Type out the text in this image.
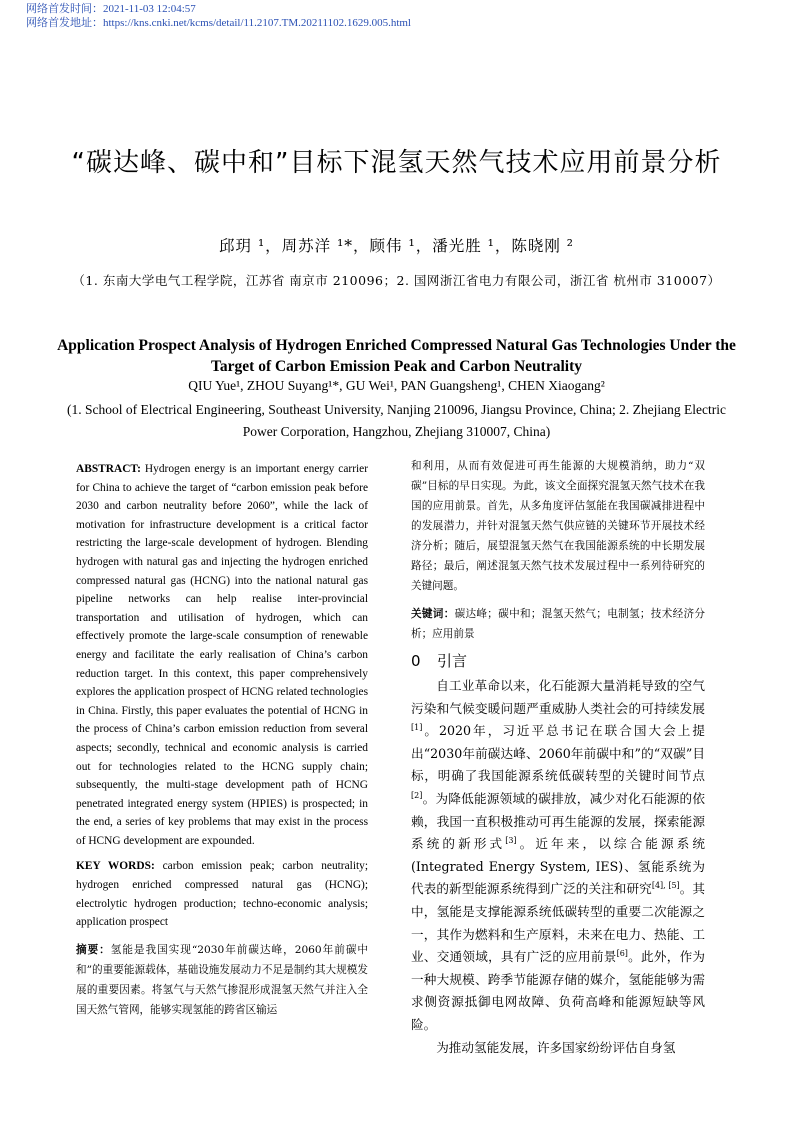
网络首发时间：2021-11-03 12:04:57
网络首发地址：https://kns.cnki.net/kcms/detail/11.2107.TM.20211102.1629.005.html
“碳达峰、碳中和”目标下混氢天然气技术应用前景分析
邱玥 ¹，周苏洋 ¹*，顾伟 ¹，潘光胜 ¹，陈晓刚 ²
（1. 东南大学电气工程学院，江苏省 南京市 210096；2. 国网浙江省电力有限公司，浙江省 杭州市 310007）
Application Prospect Analysis of Hydrogen Enriched Compressed Natural Gas Technologies Under the Target of Carbon Emission Peak and Carbon Neutrality
QIU Yue¹, ZHOU Suyang¹*, GU Wei¹, PAN Guangsheng¹, CHEN Xiaogang²
(1. School of Electrical Engineering, Southeast University, Nanjing 210096, Jiangsu Province, China; 2. Zhejiang Electric Power Corporation, Hangzhou, Zhejiang 310007, China)

ABSTRACT: Hydrogen energy is an important energy carrier for China to achieve the target of “carbon emission peak before 2030 and carbon neutrality before 2060”, while the lack of motivation for infrastructure development is a critical factor restricting the large-scale development of hydrogen. Blending hydrogen with natural gas and injecting the hydrogen enriched compressed natural gas (HCNG) into the national natural gas pipeline networks can help realise inter-provincial transportation and utilisation of hydrogen, which can effectively promote the large-scale consumption of renewable energy and facilitate the early realisation of China’s carbon reduction target. In this context, this paper comprehensively explores the application prospect of HCNG related technologies in China. Firstly, this paper evaluates the potential of HCNG in the process of China’s carbon emission reduction from several aspects; secondly, technical and economic analysis is carried out for technologies related to the HCNG supply chain; subsequently, the multi-stage development path of HCNG penetrated integrated energy system (HPIES) is prospected; in the end, a series of key problems that may exist in the process of HCNG development are expounded.

KEY WORDS: carbon emission peak; carbon neutrality; hydrogen enriched compressed natural gas (HCNG); electrolytic hydrogen production; techno-economic analysis; application prospect

摘要：氢能是我国实现“2030年前碳达峰，2060年前碳中和”的重要能源载体，基础设施发展动力不足是制约其大规模发展的重要因素。将氢气与天然气掺混形成混氢天然气并注入全国天然气管网，能够实现氢能的跨省区输运

和利用，从而有效促进可再生能源的大规模消纳，助力“双碳”目标的早日实现。为此，该文全面探究混氢天然气技术在我国的应用前景。首先，从多角度评估氢能在我国碳减排进程中的发展潜力，并针对混氢天然气供应链的关键环节开展技术经济分析；随后，展望混氢天然气在我国能源系统的中长期发展路径；最后，阐述混氢天然气技术发展过程中一系列待研究的关键问题。

关键词：碳达峰；碳中和；混氢天然气；电制氢；技术经济分析；应用前景

0 引言

自工业革命以来，化石能源大量消耗导致的空气污染和气候变暖问题严重威胁人类社会的可持续发展[1]。2020年，习近平总书记在联合国大会上提出“2030年前碳达峰、2060年前碳中和”的“双碳”目标，明确了我国能源系统低碳转型的关键时间节点[2]。为降低能源领域的碳排放，减少对化石能源的依赖，我国一直积极推动可再生能源的发展，探索能源系统的新形式[3]。近年来，以综合能源系统(Integrated Energy System, IES)、氢能系统为代表的新型能源系统得到广泛的关注和研究[4], [5]。其中，氢能是支撑能源系统低碳转型的重要二次能源之一，其作为燃料和生产原料，未来在电力、热能、工业、交通领域，具有广泛的应用前景[6]。此外，作为一种大规模、跨季节能源存储的媒介，氢能能够为需求侧资源抵御电网故障、负荷高峰和能源短缺等风险。

为推动氢能发展，许多国家纷纷评估自身氢
